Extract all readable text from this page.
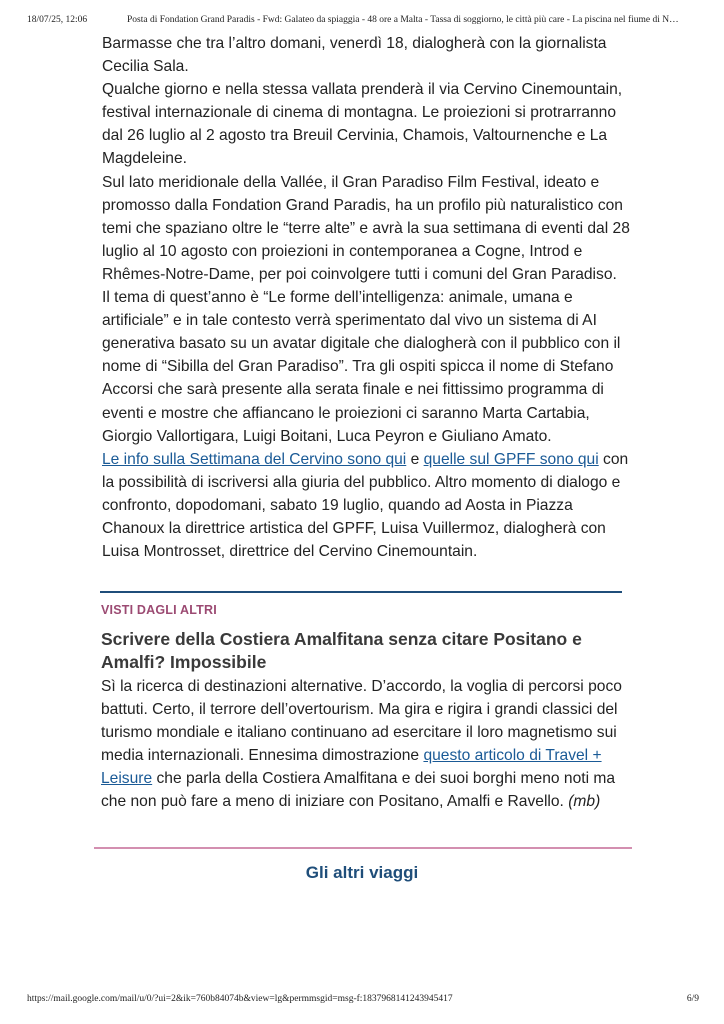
18/07/25, 12:06	Posta di Fondation Grand Paradis - Fwd: Galateo da spiaggia - 48 ore a Malta - Tassa di soggiorno, le città più care - La piscina nel fiume di N…

Barmasse che tra l’altro domani, venerdì 18, dialogherà con la giornalista

Cecilia Sala.

Qualche giorno e nella stessa vallata prenderà il via Cervino Cinemountain,

festival internazionale di cinema di montagna. Le proiezioni si protrarranno

dal 26 luglio al 2 agosto tra Breuil Cervinia, Chamois, Valtournenche e La

Magdeleine.

Sul lato meridionale della Vallée, il Gran Paradiso Film Festival, ideato e

promosso dalla Fondation Grand Paradis, ha un profilo più naturalistico con

temi che spaziano oltre le “terre alte” e avrà la sua settimana di eventi dal 28

luglio al 10 agosto con proiezioni in contemporanea a Cogne, Introd e

Rhêmes-Notre-Dame, per poi coinvolgere tutti i comuni del Gran Paradiso.

Il tema di quest’anno è “Le forme dell’intelligenza: animale, umana e

artificiale” e in tale contesto verrà sperimentato dal vivo un sistema di AI

generativa basato su un avatar digitale che dialogherà con il pubblico con il

nome di “Sibilla del Gran Paradiso”. Tra gli ospiti spicca il nome di Stefano

Accorsi che sarà presente alla serata finale e nei fittissimo programma di

eventi e mostre che affiancano le proiezioni ci saranno Marta Cartabia,

Giorgio Vallortigara, Luigi Boitani, Luca Peyron e Giuliano Amato.

Le info sulla Settimana del Cervino sono qui e quelle sul GPFF sono qui con

la possibilità di iscriversi alla giuria del pubblico. Altro momento di dialogo e

confronto, dopodomani, sabato 19 luglio, quando ad Aosta in Piazza

Chanoux la direttrice artistica del GPFF, Luisa Vuillermoz, dialogherà con

Luisa Montrosset, direttrice del Cervino Cinemountain.

VISTI DAGLI ALTRI
Scrivere della Costiera Amalfitana senza citare Positano e
Amalfi? Impossibile

Sì la ricerca di destinazioni alternative. D’accordo, la voglia di percorsi poco

battuti. Certo, il terrore dell’overtourism. Ma gira e rigira i grandi classici del

turismo mondiale e italiano continuano ad esercitare il loro magnetismo sui

media internazionali. Ennesima dimostrazione questo articolo di Travel +

Leisure che parla della Costiera Amalfitana e dei suoi borghi meno noti ma

che non può fare a meno di iniziare con Positano, Amalfi e Ravello. (mb)

Gli altri viaggi
https://mail.google.com/mail/u/0/?ui=2&ik=760b84074b&view=lg&permmsgid=msg-f:1837968141243945417	6/9
